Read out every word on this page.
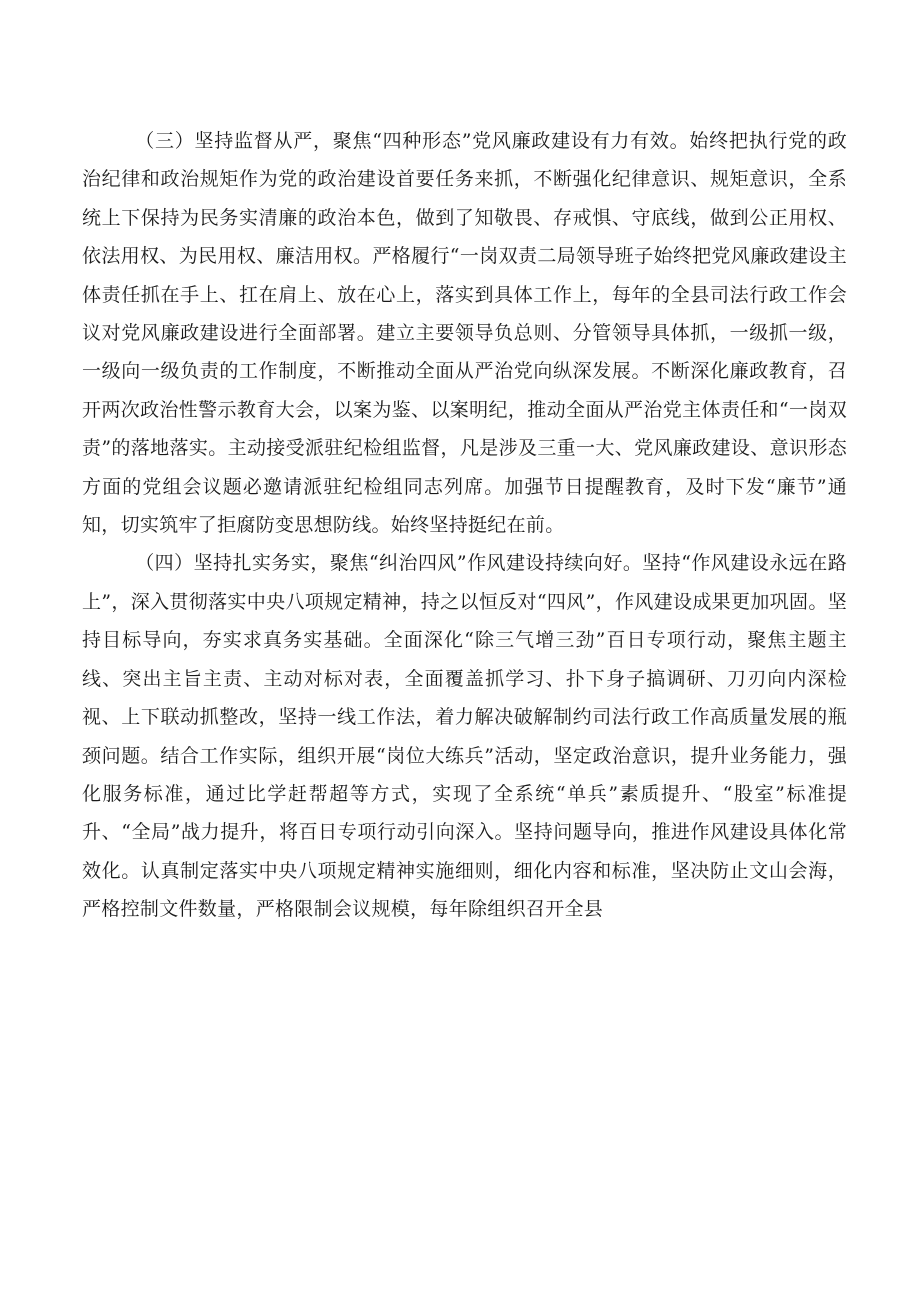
（三）坚持监督从严，聚焦“四种形态”党风廉政建设有力有效。始终把执行党的政治纪律和政治规矩作为党的政治建设首要任务来抓，不断强化纪律意识、规矩意识，全系统上下保持为民务实清廉的政治本色，做到了知敬畏、存戒惧、守底线，做到公正用权、依法用权、为民用权、廉洁用权。严格履行“一岗双责二局领导班子始终把党风廉政建设主体责任抓在手上、扛在肩上、放在心上，落实到具体工作上，每年的全县司法行政工作会议对党风廉政建设进行全面部署。建立主要领导负总则、分管领导具体抓，一级抓一级，一级向一级负责的工作制度，不断推动全面从严治党向纵深发展。不断深化廉政教育，召开两次政治性警示教育大会，以案为鉴、以案明纪，推动全面从严治党主体责任和“一岗双责”的落地落实。主动接受派驻纪检组监督，凡是涉及三重一大、党风廉政建设、意识形态方面的党组会议题必邀请派驻纪检组同志列席。加强节日提醒教育，及时下发“廉节”通知，切实筑牢了拒腐防变思想防线。始终坚持挺纪在前。

（四）坚持扎实务实，聚焦“纠治四风”作风建设持续向好。坚持“作风建设永远在路上”，深入贯彻落实中央八项规定精神，持之以恒反对“四风”，作风建设成果更加巩固。坚持目标导向，夯实求真务实基础。全面深化“除三气增三劲”百日专项行动，聚焦主题主线、突出主旨主责、主动对标对表，全面覆盖抓学习、扑下身子搞调研、刀刃向内深检视、上下联动抓整改，坚持一线工作法，着力解决破解制约司法行政工作高质量发展的瓶颈问题。结合工作实际，组织开展“岗位大练兵”活动，坚定政治意识，提升业务能力，强化服务标准，通过比学赶帮超等方式，实现了全系统“单兵”素质提升、“股室”标准提升、“全局”战力提升，将百日专项行动引向深入。坚持问题导向，推进作风建设具体化常效化。认真制定落实中央八项规定精神实施细则，细化内容和标准，坚决防止文山会海，严格控制文件数量，严格限制会议规模，每年除组织召开全县
